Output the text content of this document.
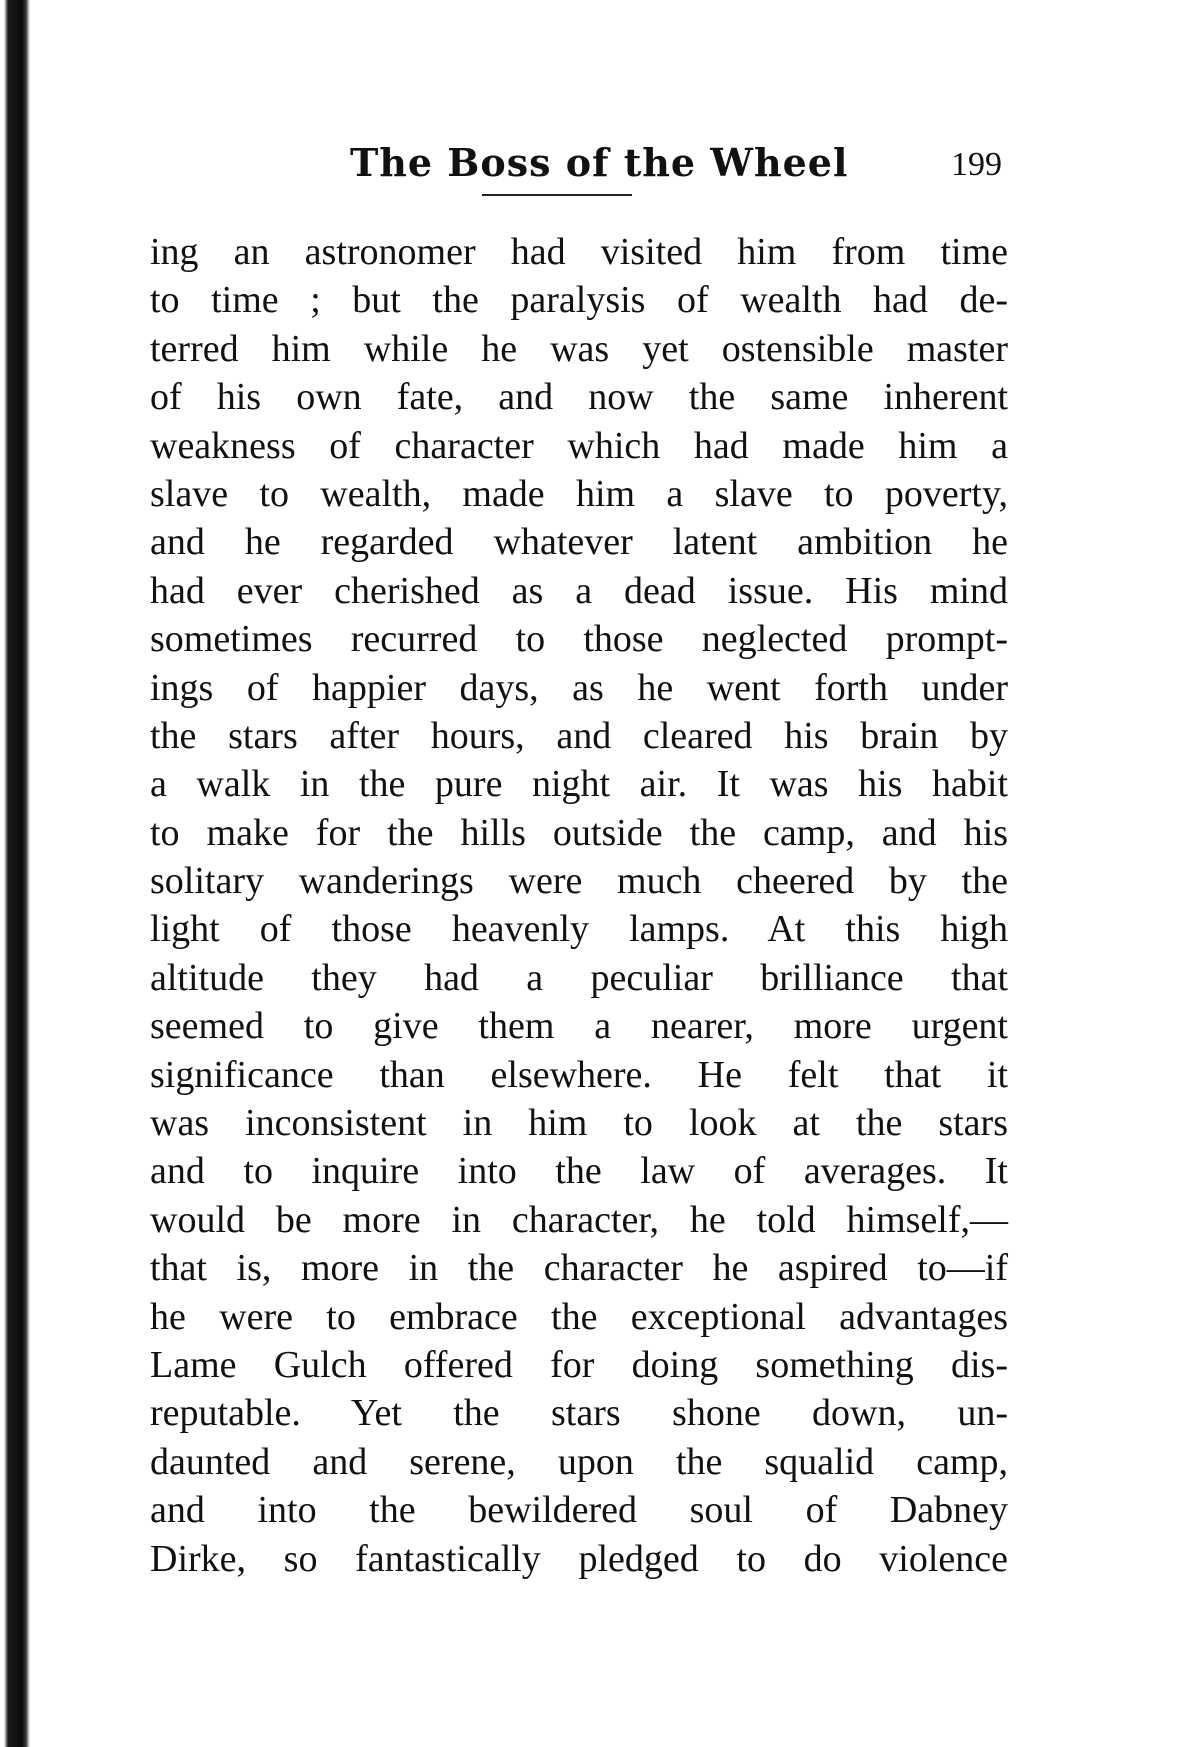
The Boss of the Wheel	199
ing an astronomer had visited him from time
to time ; but the paralysis of wealth had de-
terred him while he was yet ostensible master
of his own fate, and now the same inherent
weakness of character which had made him a
slave to wealth, made him a slave to poverty,
and he regarded whatever latent ambition he
had ever cherished as a dead issue. His mind
sometimes recurred to those neglected prompt-
ings of happier days, as he went forth under
the stars after hours, and cleared his brain by
a walk in the pure night air. It was his habit
to make for the hills outside the camp, and his
solitary wanderings were much cheered by the
light of those heavenly lamps. At this high
altitude they had a peculiar brilliance that
seemed to give them a nearer, more urgent
significance than elsewhere. He felt that it
was inconsistent in him to look at the stars
and to inquire into the law of averages. It
would be more in character, he told himself,—
that is, more in the character he aspired to—if
he were to embrace the exceptional advantages
Lame Gulch offered for doing something dis-
reputable. Yet the stars shone down, un-
daunted and serene, upon the squalid camp,
and into the bewildered soul of Dabney
Dirke, so fantastically pledged to do violence
